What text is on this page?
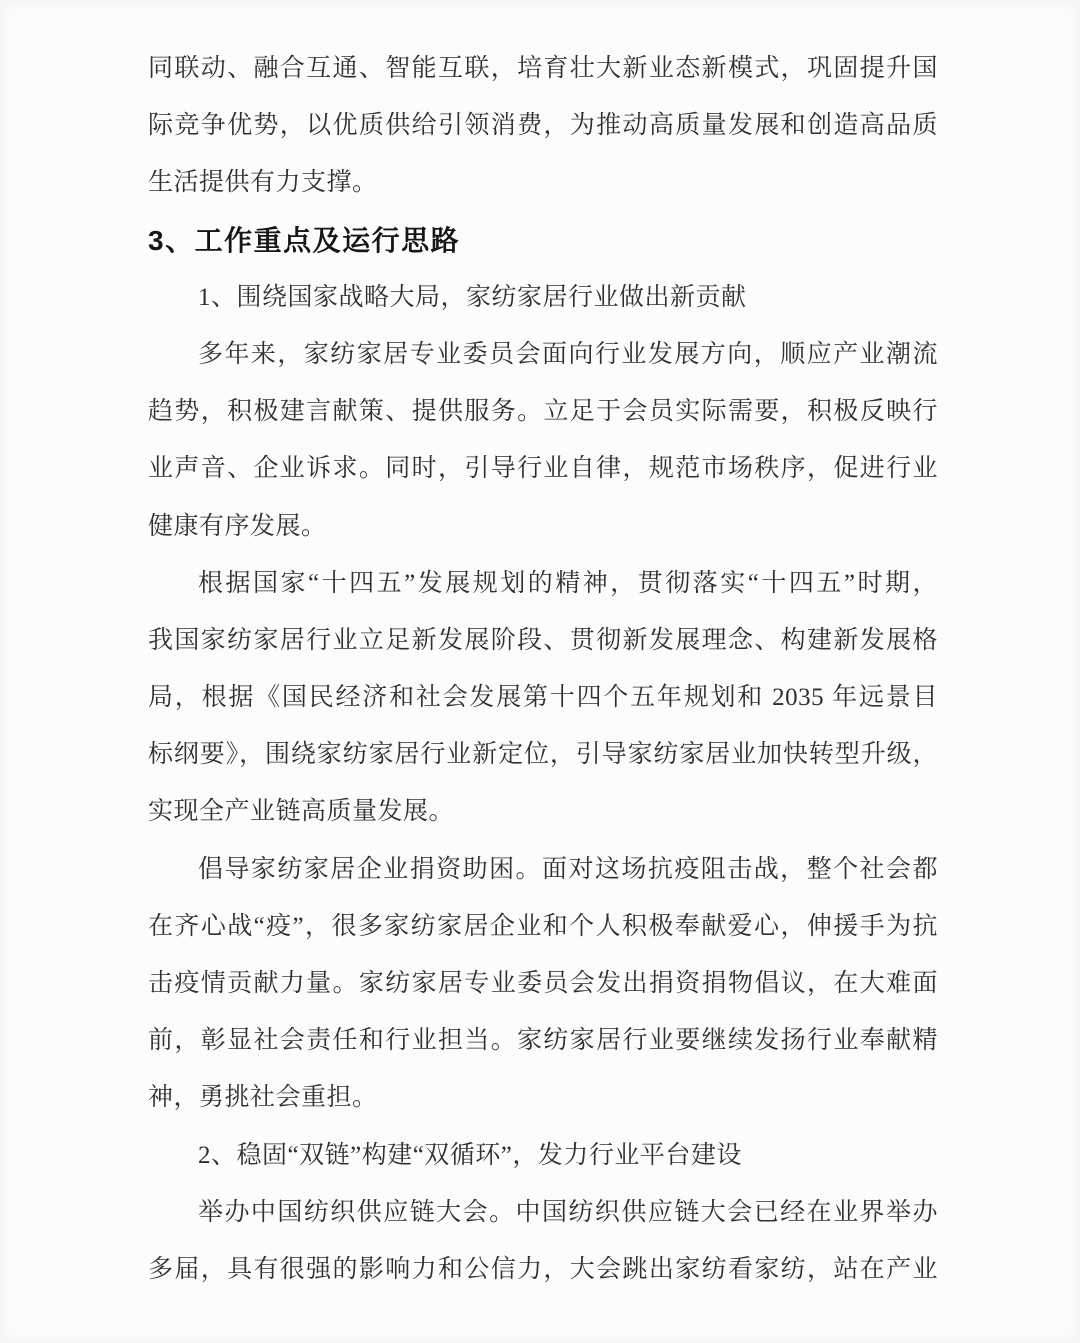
同联动、融合互通、智能互联，培育壮大新业态新模式，巩固提升国
际竞争优势，以优质供给引领消费，为推动高质量发展和创造高品质
生活提供有力支撑。
3、工作重点及运行思路
1、围绕国家战略大局，家纺家居行业做出新贡献
多年来，家纺家居专业委员会面向行业发展方向，顺应产业潮流
趋势，积极建言献策、提供服务。立足于会员实际需要，积极反映行
业声音、企业诉求。同时，引导行业自律，规范市场秩序，促进行业
健康有序发展。
根据国家“十四五”发展规划的精神，贯彻落实“十四五”时期，
我国家纺家居行业立足新发展阶段、贯彻新发展理念、构建新发展格
局，根据《国民经济和社会发展第十四个五年规划和 2035 年远景目
标纲要》，围绕家纺家居行业新定位，引导家纺家居业加快转型升级，
实现全产业链高质量发展。
倡导家纺家居企业捐资助困。面对这场抗疫阻击战，整个社会都
在齐心战“疫”，很多家纺家居企业和个人积极奉献爱心，伸援手为抗
击疫情贡献力量。家纺家居专业委员会发出捐资捐物倡议，在大难面
前，彰显社会责任和行业担当。家纺家居行业要继续发扬行业奉献精
神，勇挑社会重担。
2、稳固“双链”构建“双循环”，发力行业平台建设
举办中国纺织供应链大会。中国纺织供应链大会已经在业界举办
多届，具有很强的影响力和公信力，大会跳出家纺看家纺，站在产业
